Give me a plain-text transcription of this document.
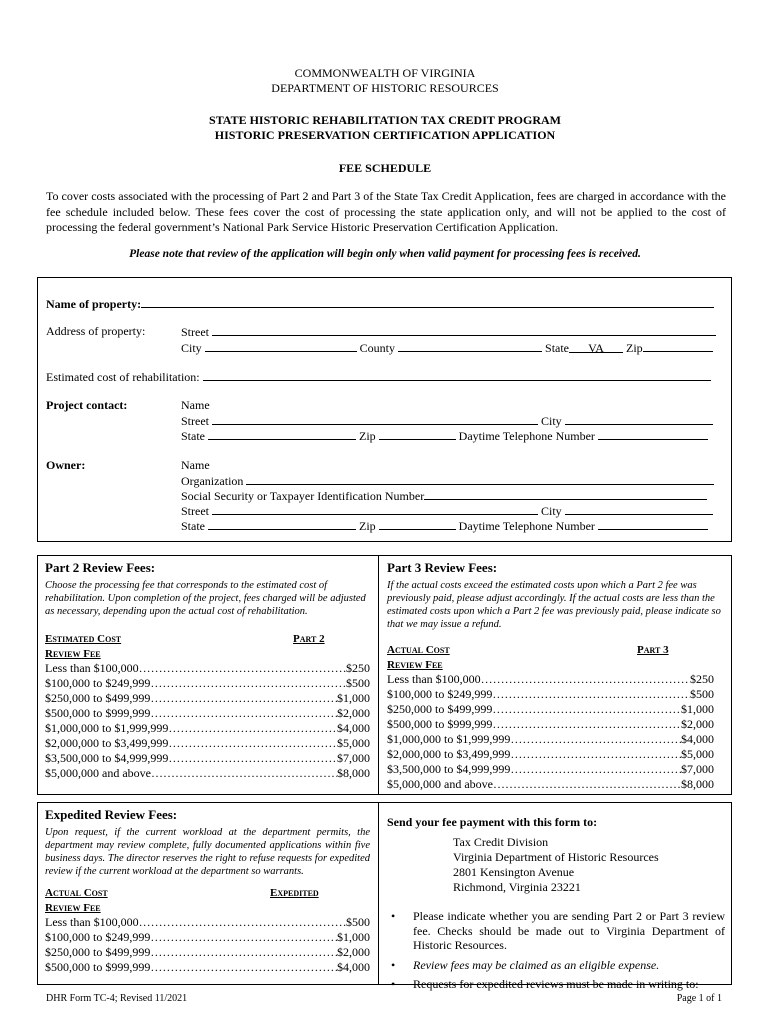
COMMONWEALTH OF VIRGINIA
DEPARTMENT OF HISTORIC RESOURCES
STATE HISTORIC REHABILITATION TAX CREDIT PROGRAM
HISTORIC PRESERVATION CERTIFICATION APPLICATION
FEE SCHEDULE
To cover costs associated with the processing of Part 2 and Part 3 of the State Tax Credit Application, fees are charged in accordance with the fee schedule included below. These fees cover the cost of processing the state application only, and will not be applied to the cost of processing the federal government’s National Park Service Historic Preservation Certification Application.
Please note that review of the application will begin only when valid payment for processing fees is received.
Name of property:
Address of property:	Street
City	County	State VA Zip
Estimated cost of rehabilitation:
Project contact:	Name
Street	City
State	Zip	Daytime Telephone Number
Owner:	Name
Organization
Social Security or Taxpayer Identification Number
Street	City
State	Zip	Daytime Telephone Number
Part 2 Review Fees:
Choose the processing fee that corresponds to the estimated cost of rehabilitation. Upon completion of the project, fees charged will be adjusted as necessary, depending upon the actual cost of rehabilitation.
Estimated Cost	Part 2
Review Fee
Less than $100,000 ……………………………………………………………………………………………………	$250
$100,000 to $249,999 ……………………………………………………………………………………………………	$500
$250,000 to $499,999 ……………………………………………………………………………………………………	$1,000
$500,000 to $999,999 ……………………………………………………………………………………………………	$2,000
$1,000,000 to $1,999,999 ……………………………………………………………………………………………………	$4,000
$2,000,000 to $3,499,999 ……………………………………………………………………………………………………	$5,000
$3,500,000 to $4,999,999 ……………………………………………………………………………………………………	$7,000
$5,000,000 and above ……………………………………………………………………………………………………	$8,000
Part 3 Review Fees:
If the actual costs exceed the estimated costs upon which a Part 2 fee was previously paid, please adjust accordingly. If the actual costs are less than the estimated costs upon which a Part 2 fee was previously paid, please indicate so that we may issue a refund.
Actual Cost	Part 3
Review Fee
Less than $100,000 ……………………………………………………………………………………………………	$250
$100,000 to $249,999 ……………………………………………………………………………………………………	$500
$250,000 to $499,999 ……………………………………………………………………………………………………	$1,000
$500,000 to $999,999 ……………………………………………………………………………………………………	$2,000
$1,000,000 to $1,999,999 ……………………………………………………………………………………………………	$4,000
$2,000,000 to $3,499,999 ……………………………………………………………………………………………………	$5,000
$3,500,000 to $4,999,999 ……………………………………………………………………………………………………	$7,000
$5,000,000 and above ……………………………………………………………………………………………………	$8,000
Expedited Review Fees:
Upon request, if the current workload at the department permits, the department may review complete, fully documented applications within five business days. The director reserves the right to refuse requests for expedited review if the current workload at the department so warrants.
Actual Cost	Expedited
Review Fee
Less than $100,000 ……………………………………………………………………………………………………	$500
$100,000 to $249,999 ……………………………………………………………………………………………………	$1,000
$250,000 to $499,999 ……………………………………………………………………………………………………	$2,000
$500,000 to $999,999 ……………………………………………………………………………………………………	$4,000
Send your fee payment with this form to:
Tax Credit Division
Virginia Department of Historic Resources
2801 Kensington Avenue
Richmond, Virginia 23221
•	Please indicate whether you are sending Part 2 or Part 3 review fee. Checks should be made out to Virginia Department of Historic Resources.
•	Review fees may be claimed as an eligible expense.
•	Requests for expedited reviews must be made in writing to:
DHR Form TC-4; Revised 11/2021	Page 1 of 1
